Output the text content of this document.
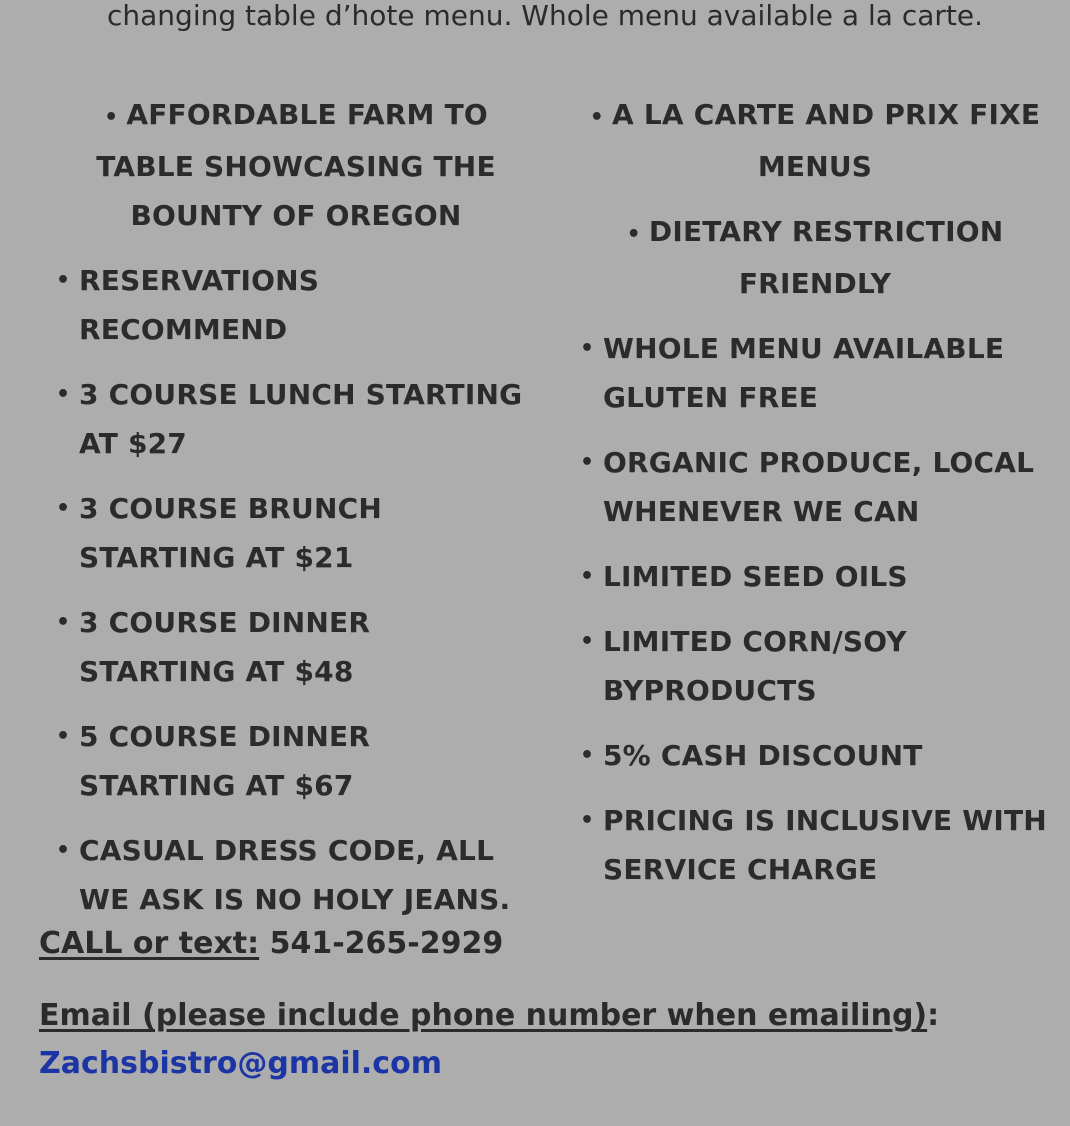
changing table d’hote menu. Whole menu available a la carte.
• AFFORDABLE FARM TO TABLE SHOWCASING THE BOUNTY OF OREGON
• RESERVATIONS RECOMMEND
• 3 COURSE LUNCH STARTING AT $27
• 3 COURSE BRUNCH STARTING AT $21
• 3 COURSE DINNER STARTING AT $48
• 5 COURSE DINNER STARTING AT $67
• CASUAL DRESS CODE, ALL WE ASK IS NO HOLY JEANS.
• A LA CARTE AND PRIX FIXE MENUS
• DIETARY RESTRICTION FRIENDLY
• WHOLE MENU AVAILABLE GLUTEN FREE
• ORGANIC PRODUCE, LOCAL WHENEVER WE CAN
• LIMITED SEED OILS
• LIMITED CORN/SOY BYPRODUCTS
• 5% CASH DISCOUNT
• PRICING IS INCLUSIVE WITH SERVICE CHARGE
CALL or text: 541-265-2929
Email (please include phone number when emailing):
Zachsbistro@gmail.com
